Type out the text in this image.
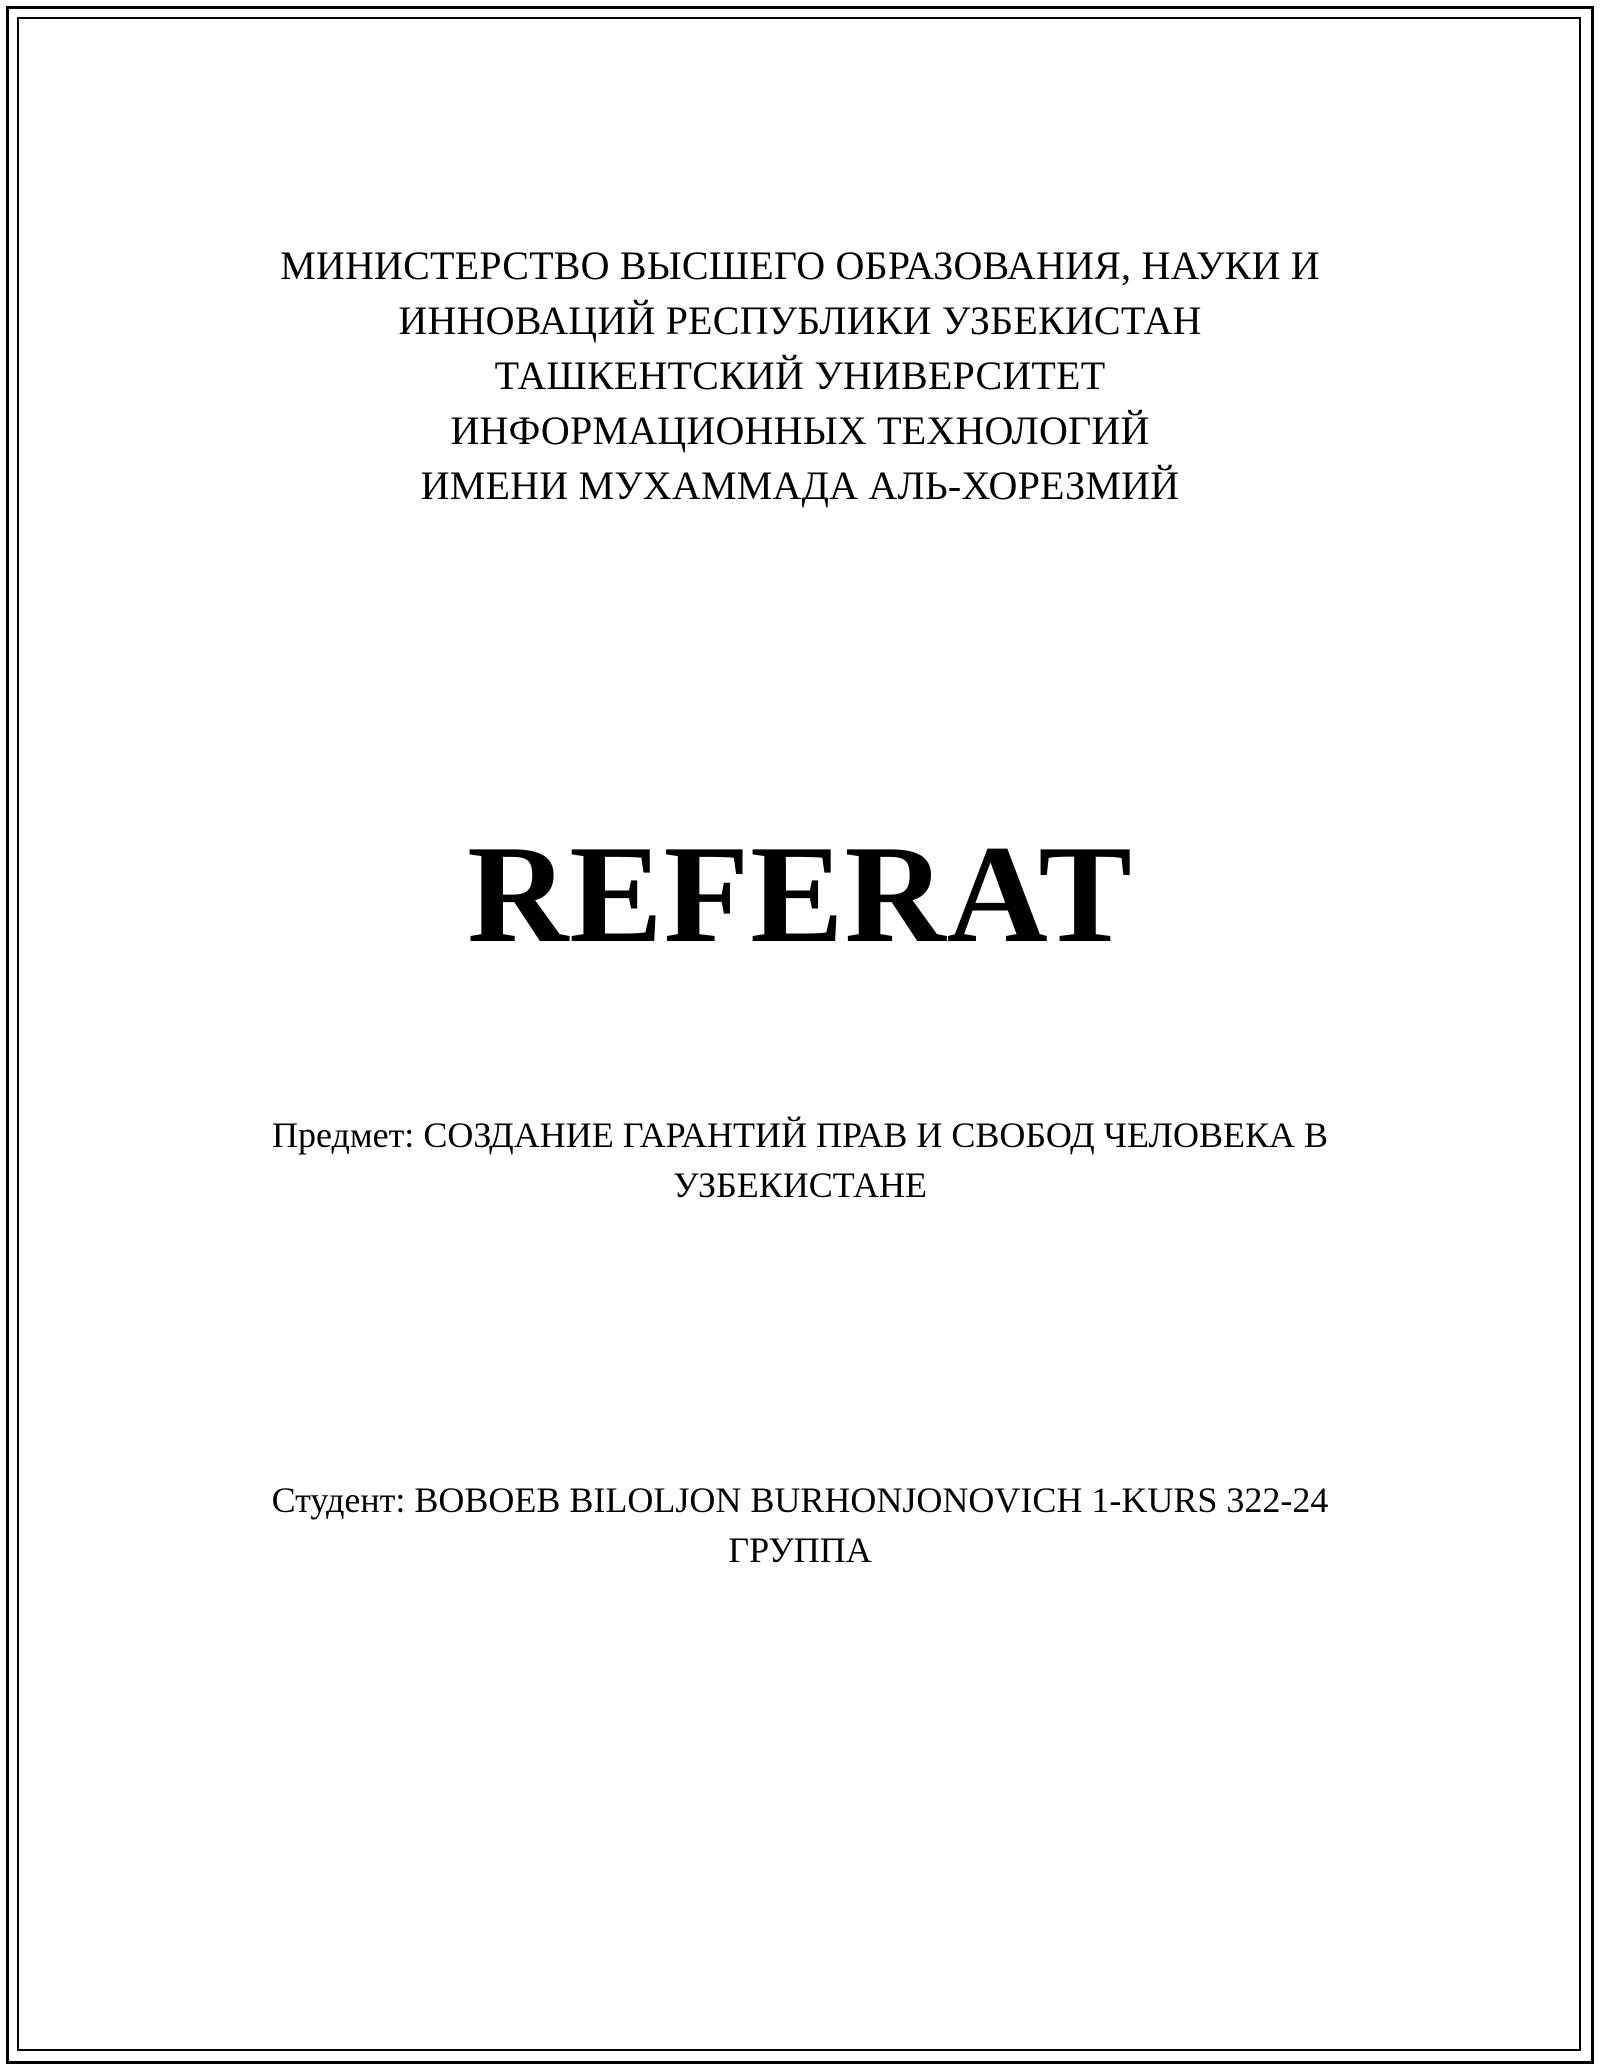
МИНИСТЕРСТВО ВЫСШЕГО ОБРАЗОВАНИЯ, НАУКИ И
ИННОВАЦИЙ РЕСПУБЛИКИ УЗБЕКИСТАН
ТАШКЕНТСКИЙ УНИВЕРСИТЕТ
ИНФОРМАЦИОННЫХ ТЕХНОЛОГИЙ
ИМЕНИ МУХАММАДА АЛЬ-ХОРЕЗМИЙ
REFERAT
Предмет: СОЗДАНИЕ ГАРАНТИЙ ПРАВ И СВОБОД ЧЕЛОВЕКА В
УЗБЕКИСТАНЕ
Студент: BOBOEB BILOLJON BURHONJONOVICH 1-KURS 322-24
ГРУППА
